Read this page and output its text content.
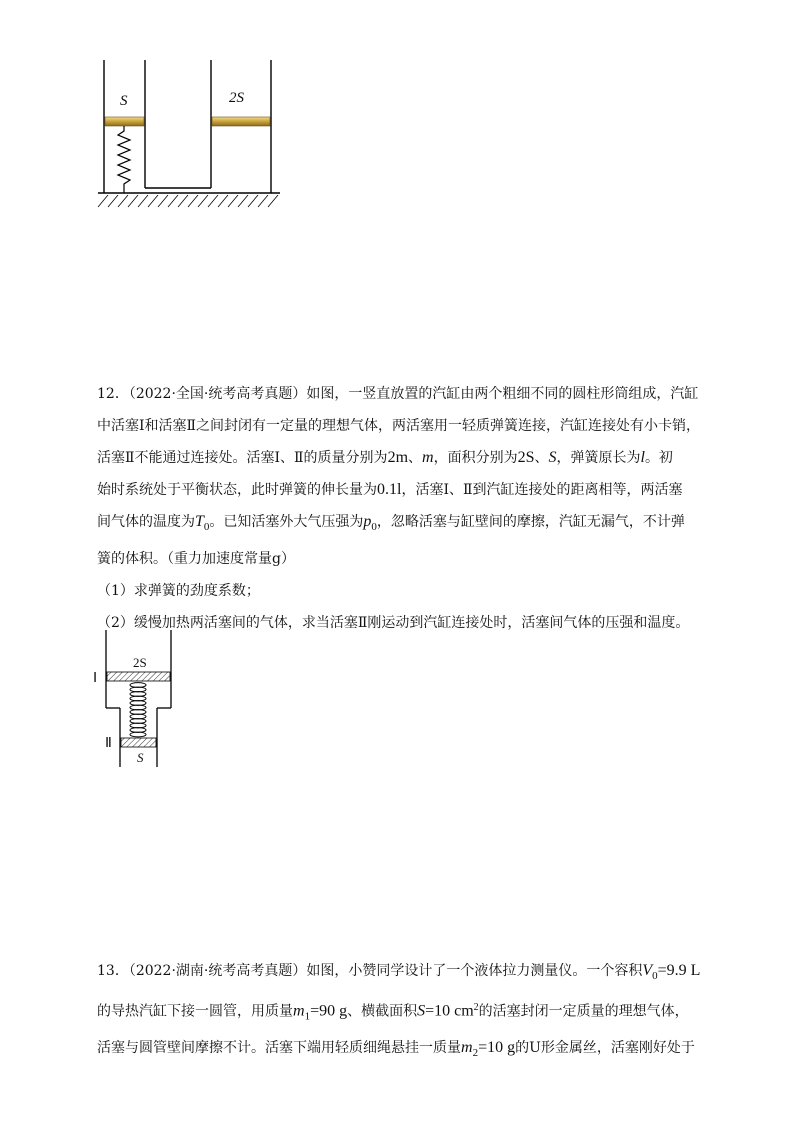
S	2S

12．（2022·全国·统考高考真题）如图，一竖直放置的汽缸由两个粗细不同的圆柱形筒组成，汽缸

中活塞Ⅰ和活塞Ⅱ之间封闭有一定量的理想气体，两活塞用一轻质弹簧连接，汽缸连接处有小卡销，

活塞Ⅱ不能通过连接处。活塞Ⅰ、Ⅱ的质量分别为2m、m，面积分别为2S、S，弹簧原长为l。初

始时系统处于平衡状态，此时弹簧的伸长量为0.1l，活塞Ⅰ、Ⅱ到汽缸连接处的距离相等，两活塞

间气体的温度为$T_0$。已知活塞外大气压强为$p_0$，忽略活塞与缸壁间的摩擦，汽缸无漏气，不计弹

簧的体积。（重力加速度常量g）

（1）求弹簧的劲度系数；

（2）缓慢加热两活塞间的气体，求当活塞Ⅱ刚运动到汽缸连接处时，活塞间气体的压强和温度。

Ⅰ
Ⅱ
2S
S

13．（2022·湖南·统考高考真题）如图，小赞同学设计了一个液体拉力测量仪。一个容积$V_0=9.9$ L

的导热汽缸下接一圆管，用质量$m_1=90$ g、横截面积S=10 $cm^2$的活塞封闭一定质量的理想气体，

活塞与圆管壁间摩擦不计。活塞下端用轻质细绳悬挂一质量$m_2=10$ g的U形金属丝，活塞刚好处于
